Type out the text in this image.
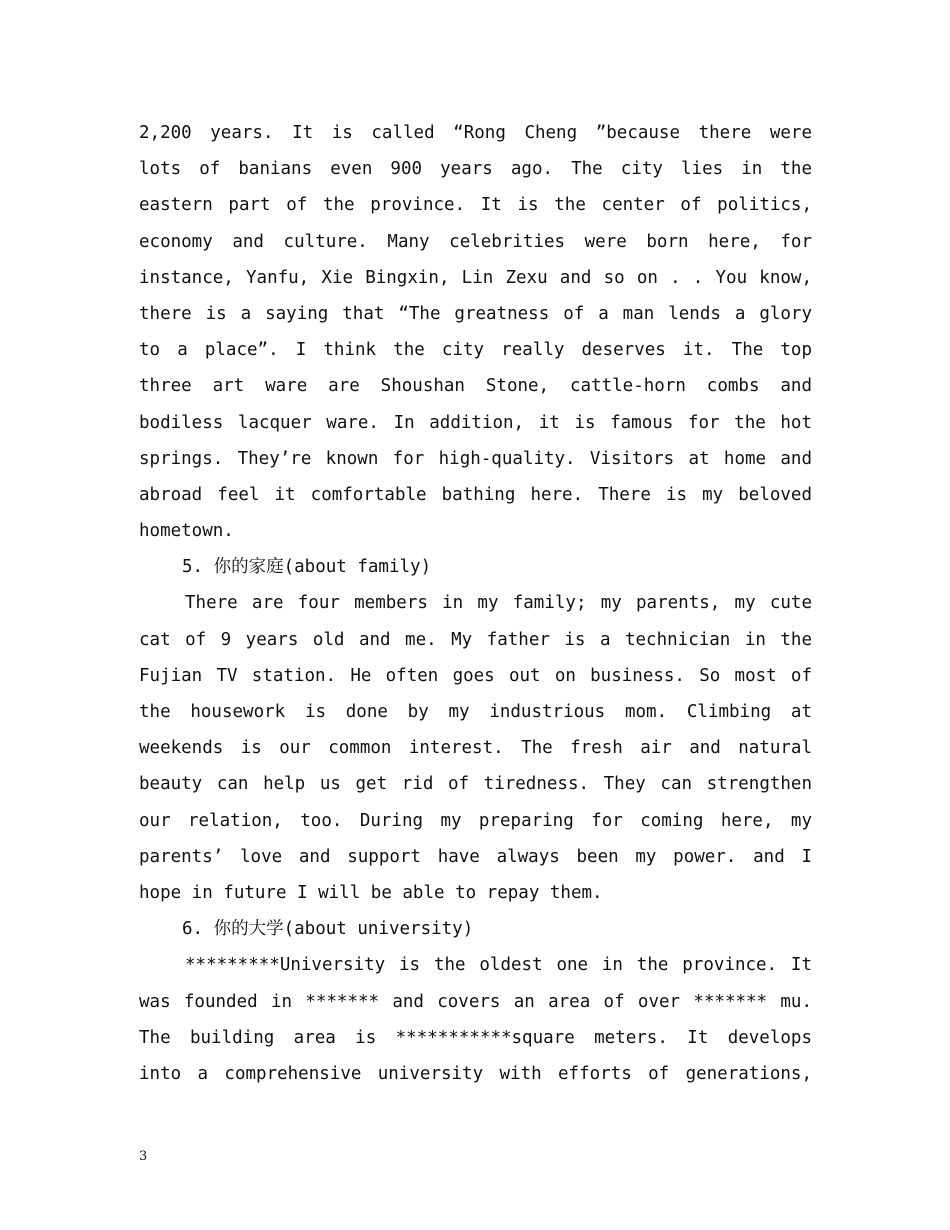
2,200 years. It is called “Rong Cheng ”because there were
lots of banians even 900 years ago. The city lies in the
eastern part of the province. It is the center of politics,
economy and culture. Many celebrities were born here, for
instance, Yanfu, Xie Bingxin, Lin Zexu and so on . . You know,
there is a saying that “The greatness of a man lends a glory
to a place”. I think the city really deserves it. The top
three art ware are Shoushan Stone, cattle-horn combs and
bodiless lacquer ware. In addition, it is famous for the hot
springs. They’re known for high-quality. Visitors at home and
abroad feel it comfortable bathing here. There is my beloved
hometown.
5. 你的家庭(about family)
There are four members in my family; my parents, my cute
cat of 9 years old and me. My father is a technician in the
Fujian TV station. He often goes out on business. So most of
the housework is done by my industrious mom. Climbing at
weekends is our common interest. The fresh air and natural
beauty can help us get rid of tiredness. They can strengthen
our relation, too. During my preparing for coming here, my
parents’ love and support have always been my power. and I
hope in future I will be able to repay them.
6. 你的大学(about university)
*********University is the oldest one in the province. It
was founded in ******* and covers an area of over ******* mu.
The building area is ***********square meters. It develops
into a comprehensive university with efforts of generations,
3
